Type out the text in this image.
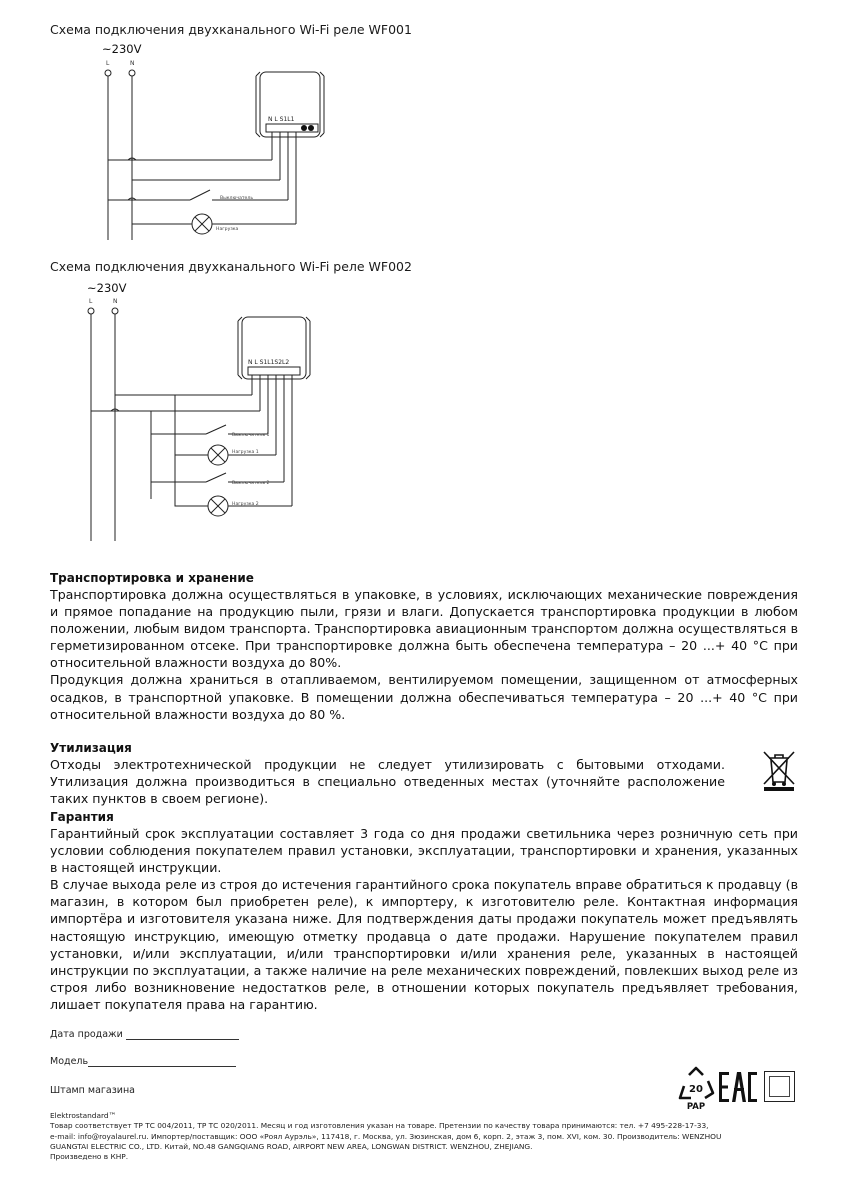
Схема подключения двухканального Wi-Fi реле WF001
~230V
L	N
N L S1L1
Выключатель
Нагрузка
Схема подключения двухканального Wi-Fi реле WF002
~230V
L	N
N L S1L1S2L2
Выключатель 1
Нагрузка 1
Выключатель 2
Нагрузка 2
Транспортировка и хранение

Транспортировка должна осуществляться в упаковке, в условиях, исключающих механические повреждения и прямое попадание на продукцию пыли, грязи и влаги. Допускается транспортировка продукции в любом положении, любым видом транспорта. Транспортировка авиационным транспортом должна осуществляться в герметизированном отсеке. При транспортировке должна быть обеспечена температура – 20 ...+ 40 °C при относительной влажности воздуха до 80%.

Продукция должна храниться в отапливаемом, вентилируемом помещении, защищенном от атмосферных осадков, в транспортной упаковке. В помещении должна обеспечиваться температура – 20 ...+ 40 °C при относительной влажности воздуха до 80 %.

Утилизация

Отходы электротехнической продукции не следует утилизировать с бытовыми отходами. Утилизация должна производиться в специально отведенных местах (уточняйте расположение таких пунктов в своем регионе).

Гарантия

Гарантийный срок эксплуатации составляет 3 года со дня продажи светильника через розничную сеть при условии соблюдения покупателем правил установки, эксплуатации, транспортировки и хранения, указанных в настоящей инструкции.

В случае выхода реле из строя до истечения гарантийного срока покупатель вправе обратиться к продавцу (в магазин, в котором был приобретен реле), к импортеру, к изготовителю реле. Контактная информация импортёра и изготовителя указана ниже. Для подтверждения даты продажи покупатель может предъявлять настоящую инструкцию, имеющую отметку продавца о дате продажи. Нарушение покупателем правил установки, и/или эксплуатации, и/или транспортировки и/или хранения реле, указанных в настоящей инструкции по эксплуатации, а также наличие на реле механических повреждений, повлекших выход реле из строя либо возникновение недостатков реле, в отношении которых покупатель предъявляет требования, лишает покупателя права на гарантию.

Дата продажи
Модель
Штамп магазина	20
PAP

Elektrostandard™

Товар соответствует ТР ТС 004/2011, ТР ТС 020/2011. Месяц и год изготовления указан на товаре. Претензии по качеству товара принимаются: тел. +7 495-228-17-33,

e-mail: info@royalaurel.ru. Импортер/поставщик: ООО «Роял Аурэль», 117418, г. Москва, ул. Зюзинская, дом 6, корп. 2, этаж 3, пом. XVI, ком. 30. Производитель: WENZHOU

GUANGTAI ELECTRIC CO., LTD. Китай, NO.48 GANGQIANG ROAD, AIRPORT NEW AREA, LONGWAN DISTRICT. WENZHOU, ZHEJIANG.

Произведено в КНР.
